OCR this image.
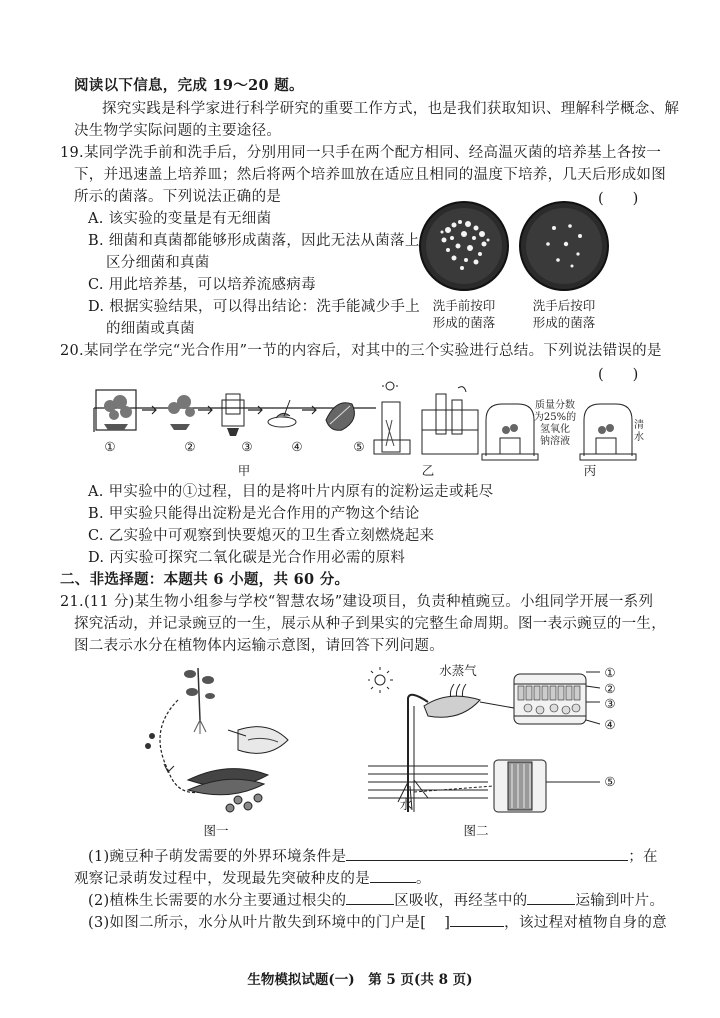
阅读以下信息，完成 19～20 题。
探究实践是科学家进行科学研究的重要工作方式，也是我们获取知识、理解科学概念、解
决生物学实际问题的主要途径。
19.某同学洗手前和洗手后，分别用同一只手在两个配方相同、经高温灭菌的培养基上各按一
下，并迅速盖上培养皿；然后将两个培养皿放在适应且相同的温度下培养，几天后形成如图
所示的菌落。下列说法正确的是	(　　)
A. 该实验的变量是有无细菌
B. 细菌和真菌都能够形成菌落，因此无法从菌落上
区分细菌和真菌
C. 用此培养基，可以培养流感病毒
D. 根据实验结果，可以得出结论：洗手能减少手上
的细菌或真菌
洗手前按印
形成的菌落
洗手后按印
形成的菌落
20.某同学在学完“光合作用”一节的内容后，对其中的三个实验进行总结。下列说法错误的是
(　　)
①	②	③	④	⑤
质量分数
为25%的
氢氧化
钠溶液
清
水
甲	乙	丙
A. 甲实验中的①过程，目的是将叶片内原有的淀粉运走或耗尽
B. 甲实验只能得出淀粉是光合作用的产物这个结论
C. 乙实验中可观察到快要熄灭的卫生香立刻燃烧起来
D. 丙实验可探究二氧化碳是光合作用必需的原料
二、非选择题：本题共 6 小题，共 60 分。
21.(11 分)某生物小组参与学校“智慧农场”建设项目，负责种植豌豆。小组同学开展一系列
探究活动，并记录豌豆的一生，展示从种子到果实的完整生命周期。图一表示豌豆的一生，
图二表示水分在植物体内运输示意图，请回答下列问题。
图一
水蒸气
水
①
②
③
④
⑤
图二
(1)豌豆种子萌发需要的外界环境条件是	；在
观察记录萌发过程中，发现最先突破种皮的是	。
(2)植株生长需要的水分主要通过根尖的	区吸收，再经茎中的	运输到叶片。
(3)如图二所示，水分从叶片散失到环境中的门户是[ ]	，该过程对植物自身的意
生物模拟试题(一)　第 5 页(共 8 页)
